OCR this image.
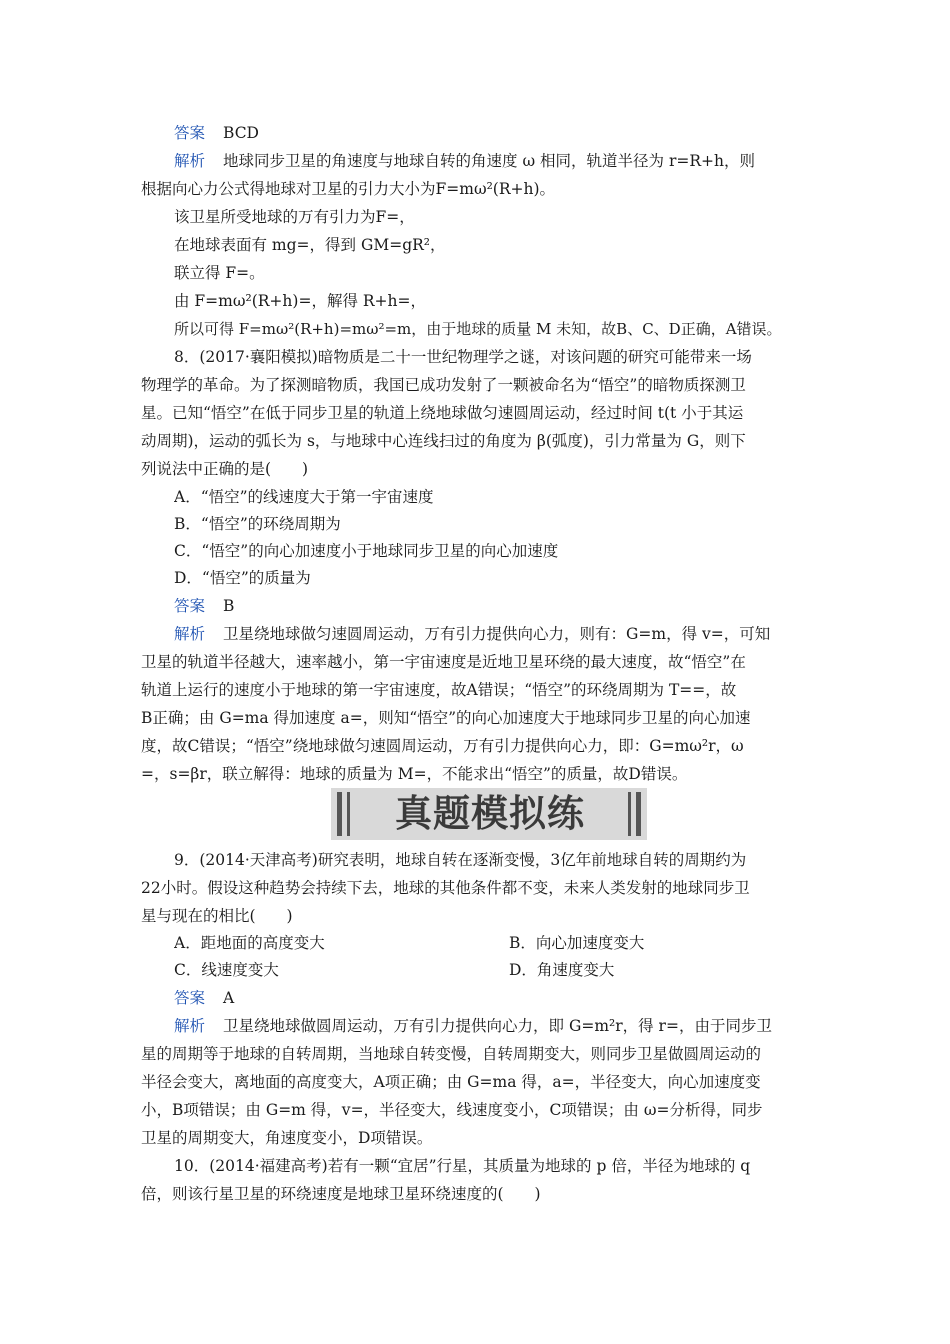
答案 BCD
解析 地球同步卫星的角速度与地球自转的角速度 ω 相同，轨道半径为 r=R+h，则
根据向心力公式得地球对卫星的引力大小为F=mω²(R+h)。
该卫星所受地球的万有引力为F=，
在地球表面有 mg=，得到 GM=gR²，
联立得 F=。
由 F=mω²(R+h)=，解得 R+h=，
所以可得 F=mω²(R+h)=mω²=m，由于地球的质量 M 未知，故B、C、D正确，A错误。
8．(2017·襄阳模拟)暗物质是二十一世纪物理学之谜，对该问题的研究可能带来一场
物理学的革命。为了探测暗物质，我国已成功发射了一颗被命名为“悟空”的暗物质探测卫
星。已知“悟空”在低于同步卫星的轨道上绕地球做匀速圆周运动，经过时间 t(t 小于其运
动周期)，运动的弧长为 s，与地球中心连线扫过的角度为 β(弧度)，引力常量为 G，则下
列说法中正确的是(　　)
A．“悟空”的线速度大于第一宇宙速度
B．“悟空”的环绕周期为
C．“悟空”的向心加速度小于地球同步卫星的向心加速度
D．“悟空”的质量为
答案 B
解析 卫星绕地球做匀速圆周运动，万有引力提供向心力，则有：G=m，得 v=，可知
卫星的轨道半径越大，速率越小，第一宇宙速度是近地卫星环绕的最大速度，故“悟空”在
轨道上运行的速度小于地球的第一宇宙速度，故A错误；“悟空”的环绕周期为 T==，故
B正确；由 G=ma 得加速度 a=，则知“悟空”的向心加速度大于地球同步卫星的向心加速
度，故C错误；“悟空”绕地球做匀速圆周运动，万有引力提供向心力，即：G=mω²r，ω
=，s=βr，联立解得：地球的质量为 M=，不能求出“悟空”的质量，故D错误。
真题模拟练
9．(2014·天津高考)研究表明，地球自转在逐渐变慢，3亿年前地球自转的周期约为
22小时。假设这种趋势会持续下去，地球的其他条件都不变，未来人类发射的地球同步卫
星与现在的相比(　　)
A．距地面的高度变大	B．向心加速度变大
C．线速度变大	D．角速度变大
答案 A
解析 卫星绕地球做圆周运动，万有引力提供向心力，即 G=m²r，得 r=，由于同步卫
星的周期等于地球的自转周期，当地球自转变慢，自转周期变大，则同步卫星做圆周运动的
半径会变大，离地面的高度变大，A项正确；由 G=ma 得，a=，半径变大，向心加速度变
小，B项错误；由 G=m 得，v=，半径变大，线速度变小，C项错误；由 ω=分析得，同步
卫星的周期变大，角速度变小，D项错误。
10．(2014·福建高考)若有一颗“宜居”行星，其质量为地球的 p 倍，半径为地球的 q
倍，则该行星卫星的环绕速度是地球卫星环绕速度的(　　)
